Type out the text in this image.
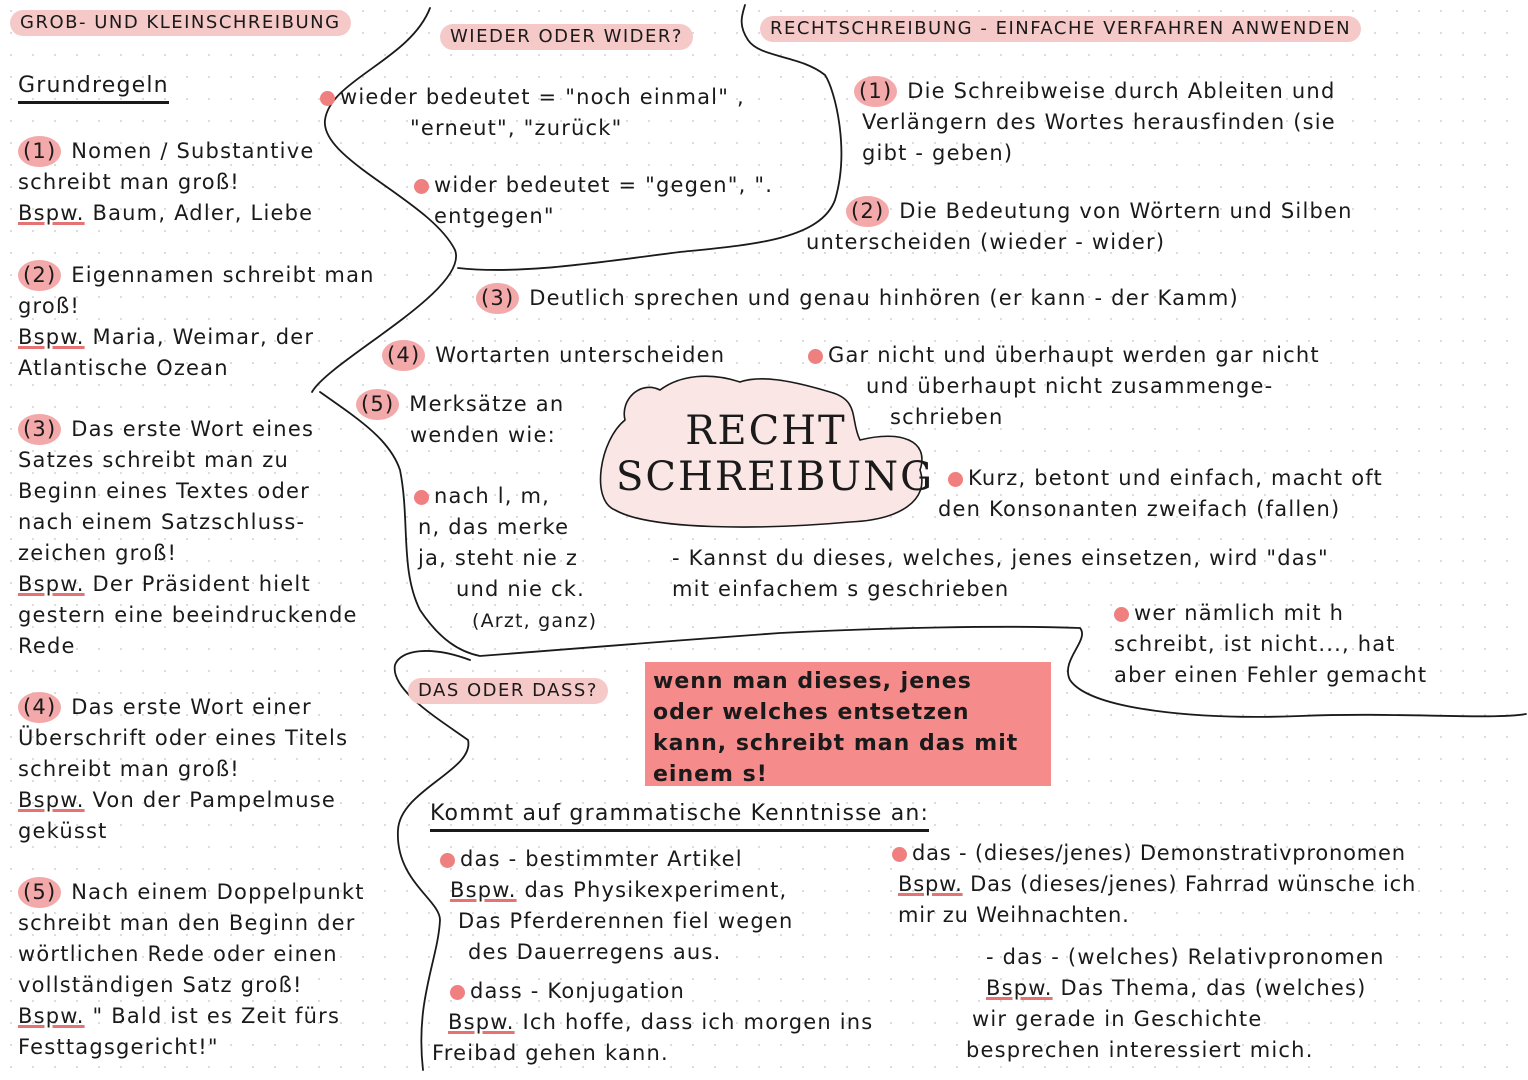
GROB- UND KLEINSCHREIBUNG
Grundregeln
(1) Nomen / Substantive
schreibt man groß!
Bspw. Baum, Adler, Liebe
(2) Eigennamen schreibt man
groß!
Bspw. Maria, Weimar, der
Atlantische Ozean
(3) Das erste Wort eines
Satzes schreibt man zu
Beginn eines Textes oder
nach einem Satzschluss-
zeichen groß!
Bspw. Der Präsident hielt
gestern eine beeindruckende
Rede
(4) Das erste Wort einer
Überschrift oder eines Titels
schreibt man groß!
Bspw. Von der Pampelmuse
geküsst
(5) Nach einem Doppelpunkt
schreibt man den Beginn der
wörtlichen Rede oder einen
vollständigen Satz groß!
Bspw. " Bald ist es Zeit fürs
Festtagsgericht!"
WIEDER ODER WIDER?
wieder bedeutet = "noch einmal" ,
"erneut", "zurück"
wider bedeutet = "gegen", ".
entgegen"
RECHTSCHREIBUNG - EINFACHE VERFAHREN ANWENDEN
(1) Die Schreibweise durch Ableiten und
Verlängern des Wortes herausfinden (sie
gibt - geben)
(2) Die Bedeutung von Wörtern und Silben
unterscheiden (wieder - wider)
(3) Deutlich sprechen und genau hinhören (er kann - der Kamm)
(4) Wortarten unterscheiden
(5) Merksätze an
wenden wie:
nach l, m,
n, das merke
ja, steht nie z
und nie ck.
(Arzt, ganz)
Gar nicht und überhaupt werden gar nicht
und überhaupt nicht zusammenge-
schrieben
Kurz, betont und einfach, macht oft
den Konsonanten zweifach (fallen)
- Kannst du dieses, welches, jenes einsetzen, wird "das"
mit einfachem s geschrieben
wer nämlich mit h
schreibt, ist nicht..., hat
aber einen Fehler gemacht
RECHT
SCHREIBUNG
DAS ODER DASS?	wenn man dieses, jenes
oder welches entsetzen
kann, schreibt man das mit
einem s!
Kommt auf grammatische Kenntnisse an:
das - bestimmter Artikel
Bspw. das Physikexperiment,
Das Pferderennen fiel wegen
des Dauerregens aus.
dass - Konjugation
Bspw. Ich hoffe, dass ich morgen ins
Freibad gehen kann.
das - (dieses/jenes) Demonstrativpronomen
Bspw. Das (dieses/jenes) Fahrrad wünsche ich
mir zu Weihnachten.
- das - (welches) Relativpronomen
Bspw. Das Thema, das (welches)
wir gerade in Geschichte
besprechen interessiert mich.
